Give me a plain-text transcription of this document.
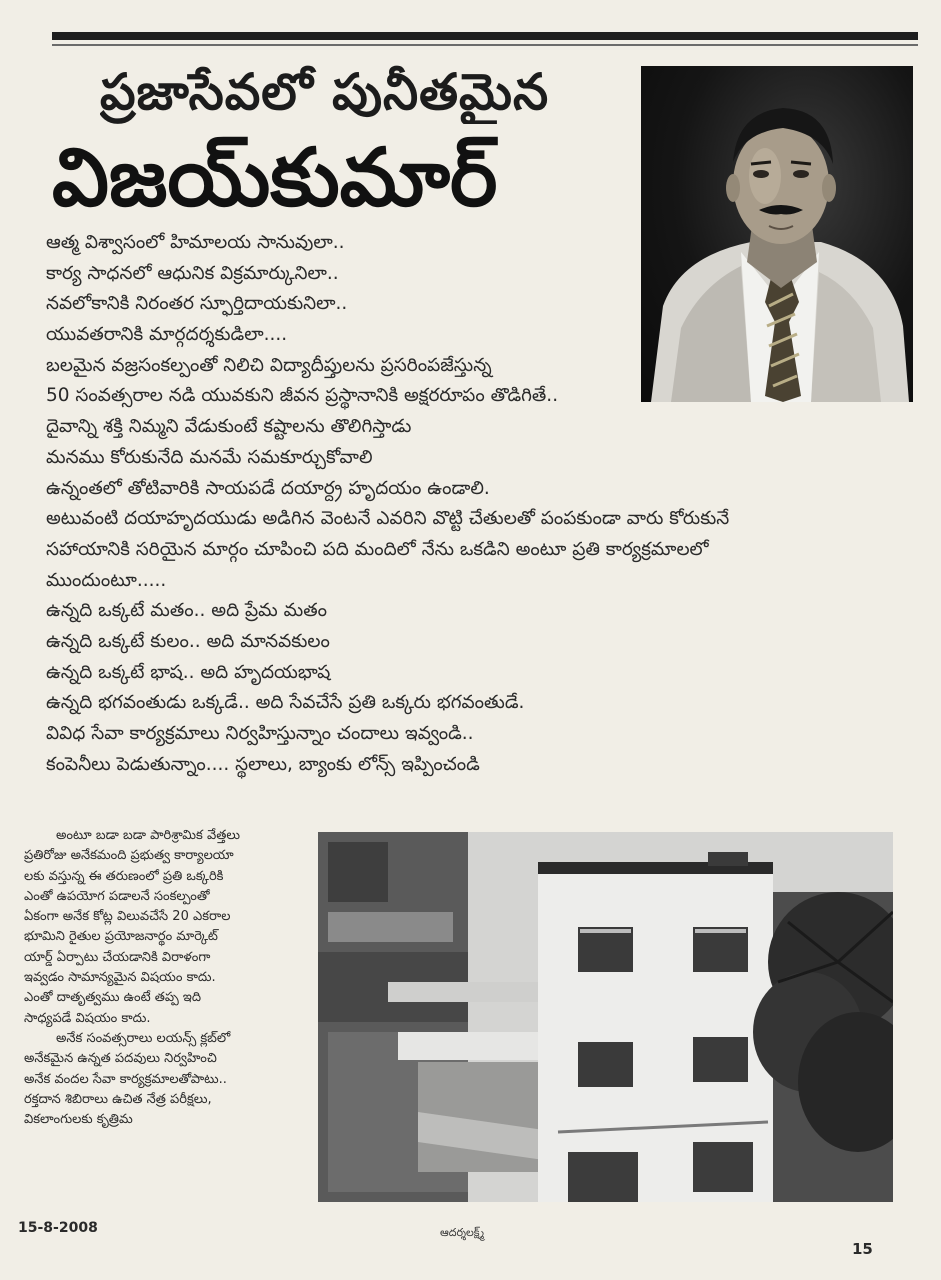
ప్రజాసేవలో పునీతమైన
విజయ్‌కుమార్
ఆత్మ విశ్వాసంలో హిమాలయ సానువులా..
కార్య సాధనలో ఆధునిక విక్రమార్కునిలా..
నవలోకానికి నిరంతర స్ఫూర్తిదాయకునిలా..
యువతరానికి మార్గదర్శకుడిలా....
బలమైన వజ్రసంకల్పంతో నిలిచి విద్యాదీప్తులను ప్రసరింపజేస్తున్న
50 సంవత్సరాల నడి యువకుని జీవన ప్రస్థానానికి అక్షరరూపం తొడిగితే..
దైవాన్ని శక్తి నిమ్మని వేడుకుంటే కష్టాలను తొలిగిస్తాడు
మనము కోరుకునేది మనమే సమకూర్చుకోవాలి
ఉన్నంతలో తోటివారికి సాయపడే దయార్ద్ర హృదయం ఉండాలి.
అటువంటి దయాహృదయుడు అడిగిన వెంటనే ఎవరిని వొట్టి చేతులతో పంపకుండా వారు కోరుకునే
సహాయానికి సరియైన మార్గం చూపించి పది మందిలో నేను ఒకడిని అంటూ ప్రతి కార్యక్రమాలలో
ముందుంటూ.....
ఉన్నది ఒక్కటే మతం.. అది ప్రేమ మతం
ఉన్నది ఒక్కటే కులం.. అది మానవకులం
ఉన్నది ఒక్కటే భాష.. అది హృదయభాష
ఉన్నది భగవంతుడు ఒక్కడే.. అది సేవచేసే ప్రతి ఒక్కరు భగవంతుడే.
వివిధ సేవా కార్యక్రమాలు నిర్వహిస్తున్నాం చందాలు ఇవ్వండి..
కంపెనీలు పెడుతున్నాం.... స్థలాలు, బ్యాంకు లోన్స్ ఇప్పించండి
అంటూ బడా బడా పారిశ్రామిక వేత్తలు
ప్రతిరోజు అనేకమంది ప్రభుత్వ కార్యాలయా
లకు వస్తున్న ఈ తరుణంలో ప్రతి ఒక్కరికి
ఎంతో ఉపయోగ పడాలనే సంకల్పంతో
ఏకంగా అనేక కోట్ల విలువచేసే 20 ఎకరాల
భూమిని రైతుల ప్రయోజనార్థం మార్కెట్
యార్డ్ ఏర్పాటు చేయడానికి విరాళంగా
ఇవ్వడం సామాన్యమైన విషయం కాదు.
ఎంతో దాతృత్వము ఉంటే తప్ప ఇది
సాధ్యపడే విషయం కాదు.
అనేక సంవత్సరాలు లయన్స్ క్లబ్‌లో
అనేకమైన ఉన్నత పదవులు నిర్వహించి
అనేక వందల సేవా కార్యక్రమాలతోపాటు..
రక్తదాన శిబిరాలు ఉచిత నేత్ర పరీక్షలు,
వికలాంగులకు కృత్రిమ
15-8-2008	ఆదర్శలక్ష్మ్
15
